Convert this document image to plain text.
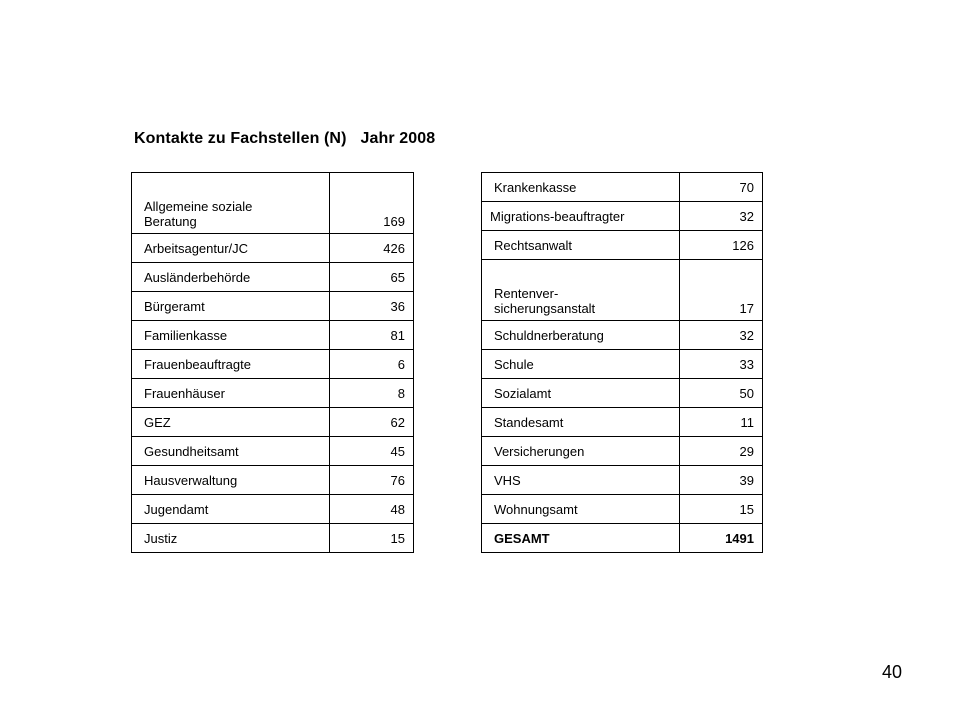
Kontakte zu Fachstellen (N) Jahr 2008
Allgemeine soziale
Beratung	169
Arbeitsagentur/JC	426
Ausländerbehörde	65
Bürgeramt	36
Familienkasse	81
Frauenbeauftragte	6
Frauenhäuser	8
GEZ	62
Gesundheitsamt	45
Hausverwaltung	76
Jugendamt	48
Justiz	15
Krankenkasse	70
Migrations-beauftragter	32
Rechtsanwalt	126
Rentenver-
sicherungsanstalt	17
Schuldnerberatung	32
Schule	33
Sozialamt	50
Standesamt	11
Versicherungen	29
VHS	39
Wohnungsamt	15
GESAMT	1491
40
